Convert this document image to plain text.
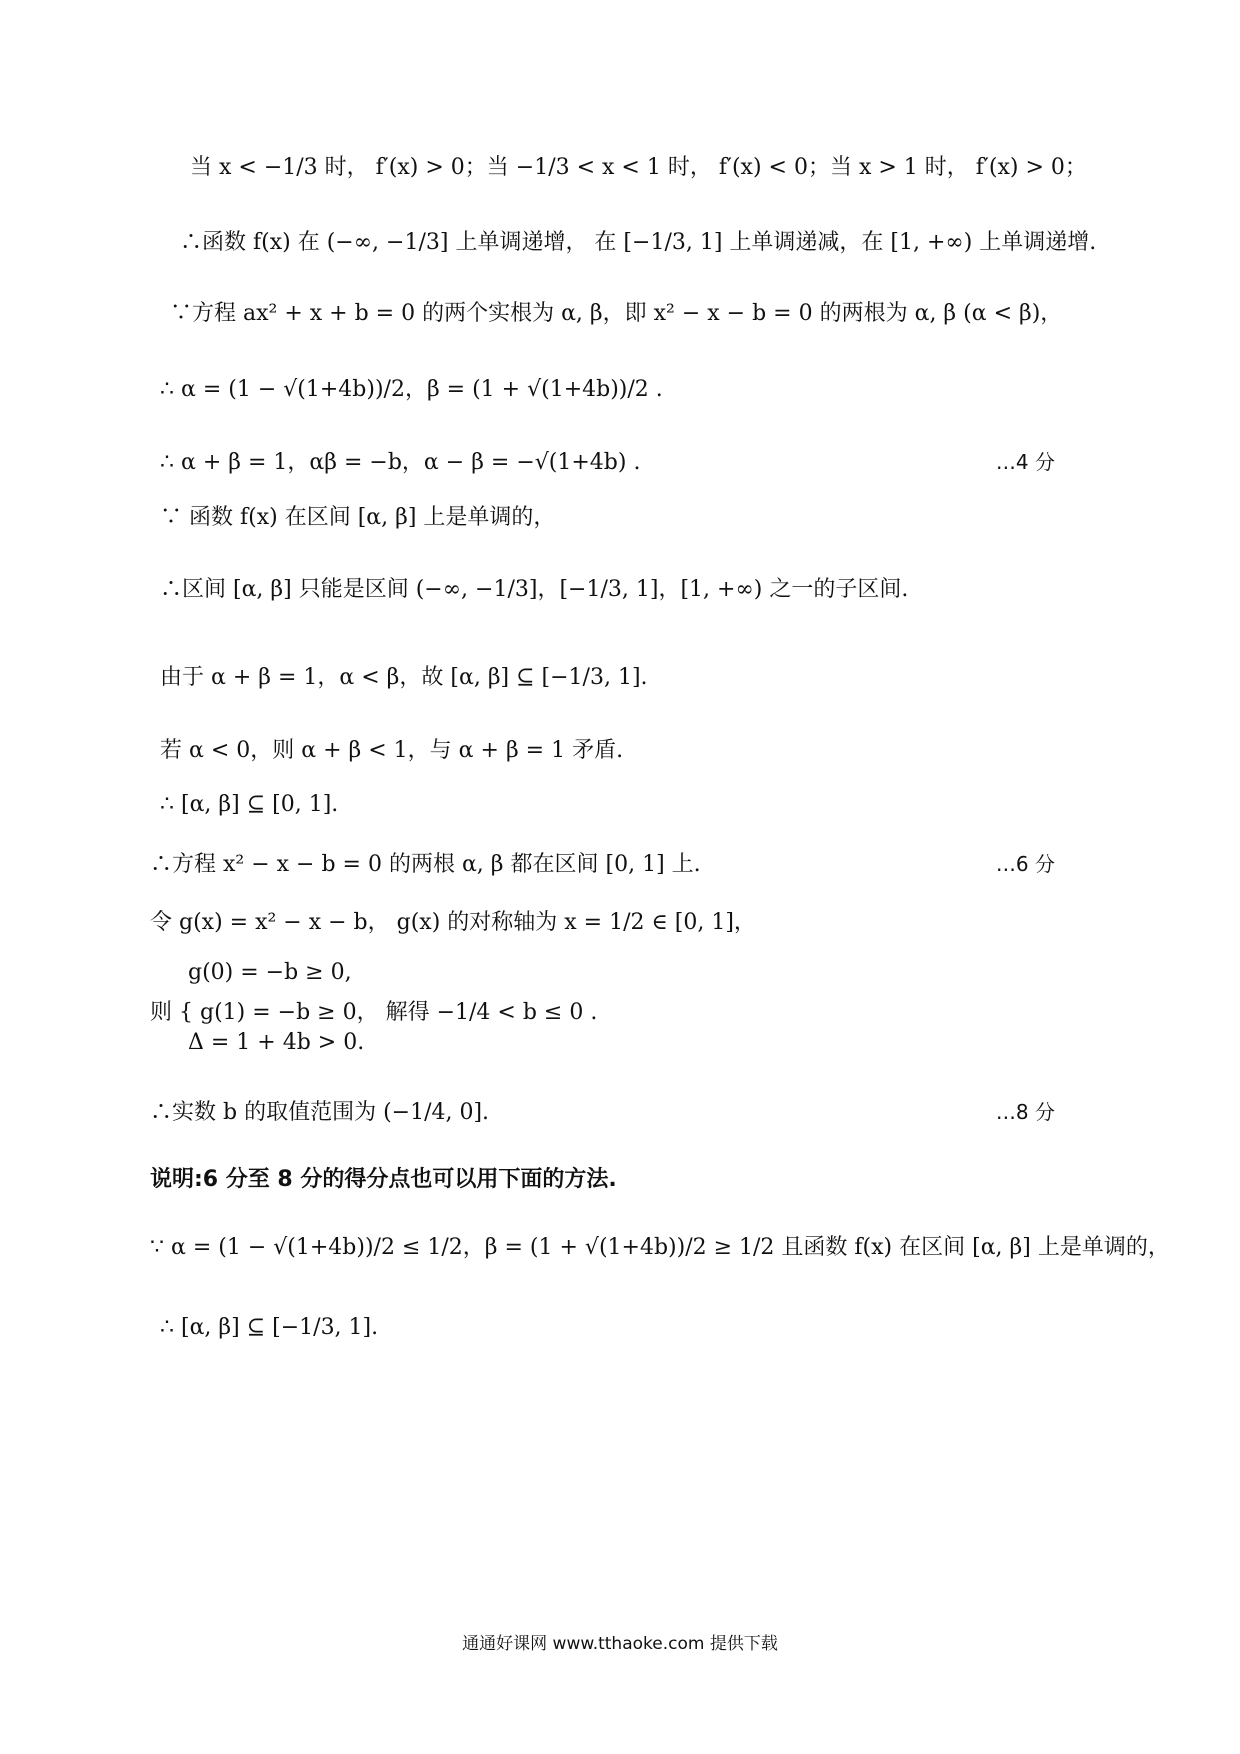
当 x < −1/3 时， f′(x) > 0；当 −1/3 < x < 1 时， f′(x) < 0；当 x > 1 时， f′(x) > 0；
∴函数 f(x) 在 (−∞, −1/3] 上单调递增， 在 [−1/3, 1] 上单调递减，在 [1, +∞) 上单调递增.
∵方程 ax² + x + b = 0 的两个实根为 α, β，即 x² − x − b = 0 的两根为 α, β (α < β)，
∴ α = (1 − √(1+4b))/2，β = (1 + √(1+4b))/2 .
∴ α + β = 1，αβ = −b，α − β = −√(1+4b) .	…4 分
∵ 函数 f(x) 在区间 [α, β] 上是单调的，
∴区间 [α, β] 只能是区间 (−∞, −1/3]，[−1/3, 1]，[1, +∞) 之一的子区间.
由于 α + β = 1，α < β，故 [α, β] ⊆ [−1/3, 1].
若 α < 0，则 α + β < 1，与 α + β = 1 矛盾.
∴ [α, β] ⊆ [0, 1].
∴方程 x² − x − b = 0 的两根 α, β 都在区间 [0, 1] 上.	…6 分
令 g(x) = x² − x − b， g(x) 的对称轴为 x = 1/2 ∈ [0, 1]，
g(0) = −b ≥ 0,
则 { g(1) = −b ≥ 0， 解得 −1/4 < b ≤ 0 .
Δ = 1 + 4b > 0.
∴实数 b 的取值范围为 (−1/4, 0].	…8 分
说明:6 分至 8 分的得分点也可以用下面的方法.
∵ α = (1 − √(1+4b))/2 ≤ 1/2，β = (1 + √(1+4b))/2 ≥ 1/2 且函数 f(x) 在区间 [α, β] 上是单调的，
∴ [α, β] ⊆ [−1/3, 1].
通通好课网 www.tthaoke.com 提供下载
